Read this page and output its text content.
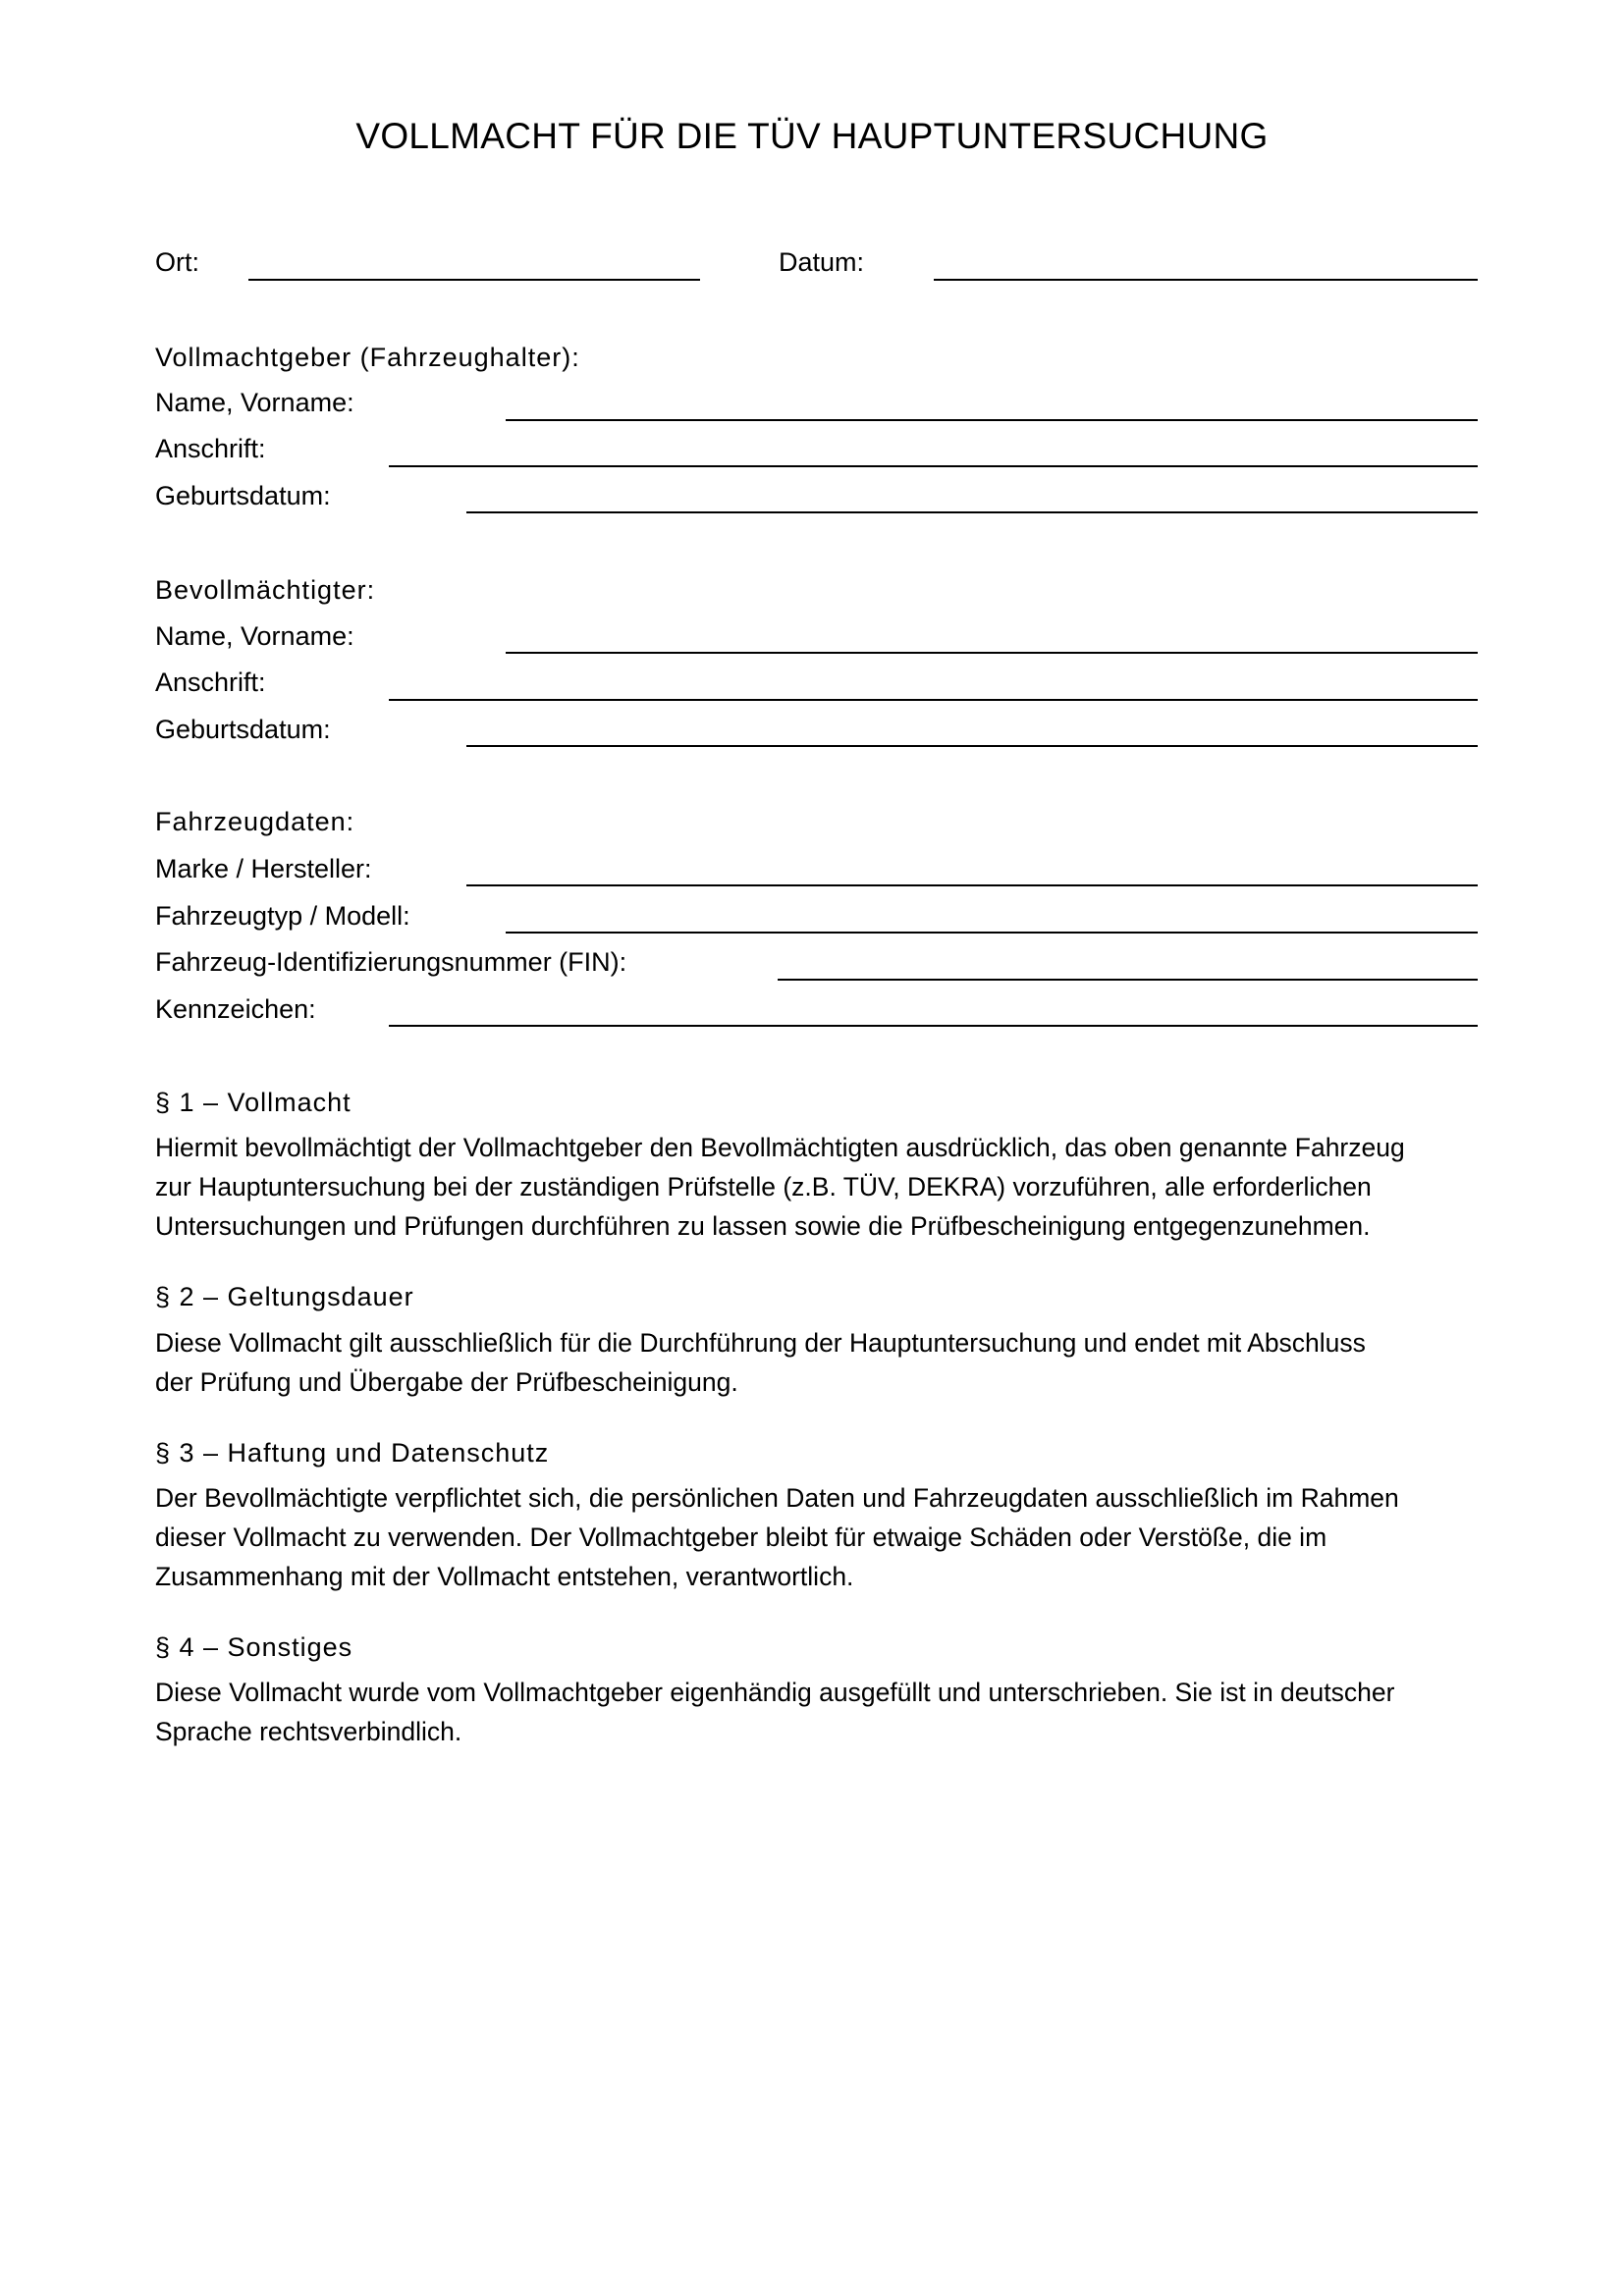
VOLLMACHT FÜR DIE TÜV HAUPTUNTERSUCHUNG
Ort:	Datum:
Vollmachtgeber (Fahrzeughalter):
Name, Vorname:
Anschrift:
Geburtsdatum:
Bevollmächtigter:
Name, Vorname:
Anschrift:
Geburtsdatum:
Fahrzeugdaten:
Marke / Hersteller:
Fahrzeugtyp / Modell:
Fahrzeug-Identifizierungsnummer (FIN):
Kennzeichen:
§ 1 – Vollmacht
Hiermit bevollmächtigt der Vollmachtgeber den Bevollmächtigten ausdrücklich, das oben genannte Fahrzeug
zur Hauptuntersuchung bei der zuständigen Prüfstelle (z.B. TÜV, DEKRA) vorzuführen, alle erforderlichen
Untersuchungen und Prüfungen durchführen zu lassen sowie die Prüfbescheinigung entgegenzunehmen.
§ 2 – Geltungsdauer
Diese Vollmacht gilt ausschließlich für die Durchführung der Hauptuntersuchung und endet mit Abschluss
der Prüfung und Übergabe der Prüfbescheinigung.
§ 3 – Haftung und Datenschutz
Der Bevollmächtigte verpflichtet sich, die persönlichen Daten und Fahrzeugdaten ausschließlich im Rahmen
dieser Vollmacht zu verwenden. Der Vollmachtgeber bleibt für etwaige Schäden oder Verstöße, die im
Zusammenhang mit der Vollmacht entstehen, verantwortlich.
§ 4 – Sonstiges
Diese Vollmacht wurde vom Vollmachtgeber eigenhändig ausgefüllt und unterschrieben. Sie ist in deutscher
Sprache rechtsverbindlich.
